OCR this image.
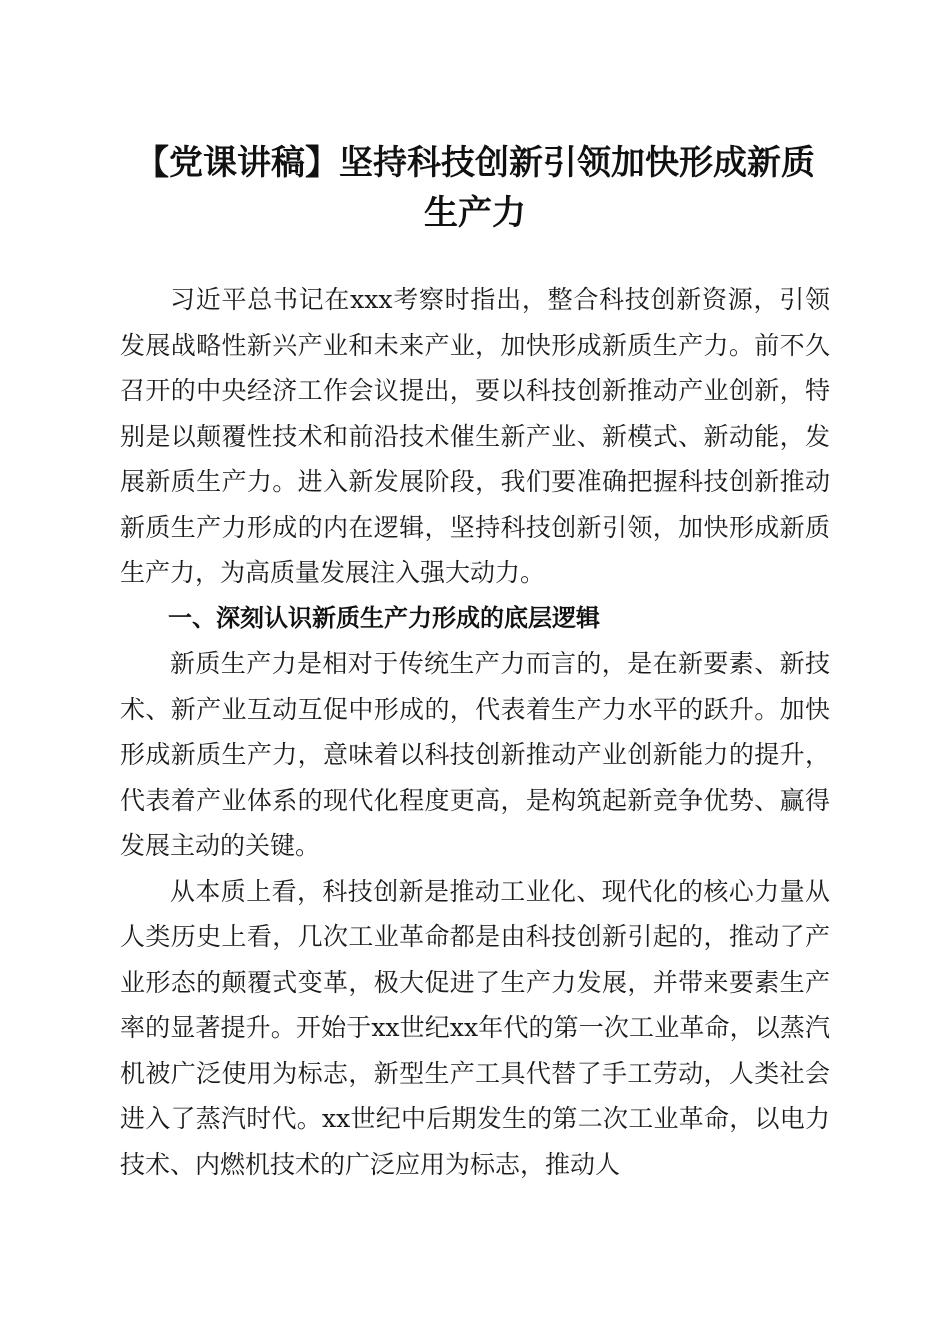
【党课讲稿】坚持科技创新引领加快形成新质
生产力

习近平总书记在xxx考察时指出，整合科技创新资源，引领发展战略性新兴产业和未来产业，加快形成新质生产力。前不久召开的中央经济工作会议提出，要以科技创新推动产业创新，特别是以颠覆性技术和前沿技术催生新产业、新模式、新动能，发展新质生产力。进入新发展阶段，我们要准确把握科技创新推动新质生产力形成的内在逻辑，坚持科技创新引领，加快形成新质生产力，为高质量发展注入强大动力。

一、深刻认识新质生产力形成的底层逻辑

新质生产力是相对于传统生产力而言的，是在新要素、新技术、新产业互动互促中形成的，代表着生产力水平的跃升。加快形成新质生产力，意味着以科技创新推动产业创新能力的提升，代表着产业体系的现代化程度更高，是构筑起新竞争优势、赢得发展主动的关键。

从本质上看，科技创新是推动工业化、现代化的核心力量从人类历史上看，几次工业革命都是由科技创新引起的，推动了产业形态的颠覆式变革，极大促进了生产力发展，并带来要素生产率的显著提升。开始于xx世纪xx年代的第一次工业革命，以蒸汽机被广泛使用为标志，新型生产工具代替了手工劳动，人类社会进入了蒸汽时代。xx世纪中后期发生的第二次工业革命，以电力技术、内燃机技术的广泛应用为标志，推动人
